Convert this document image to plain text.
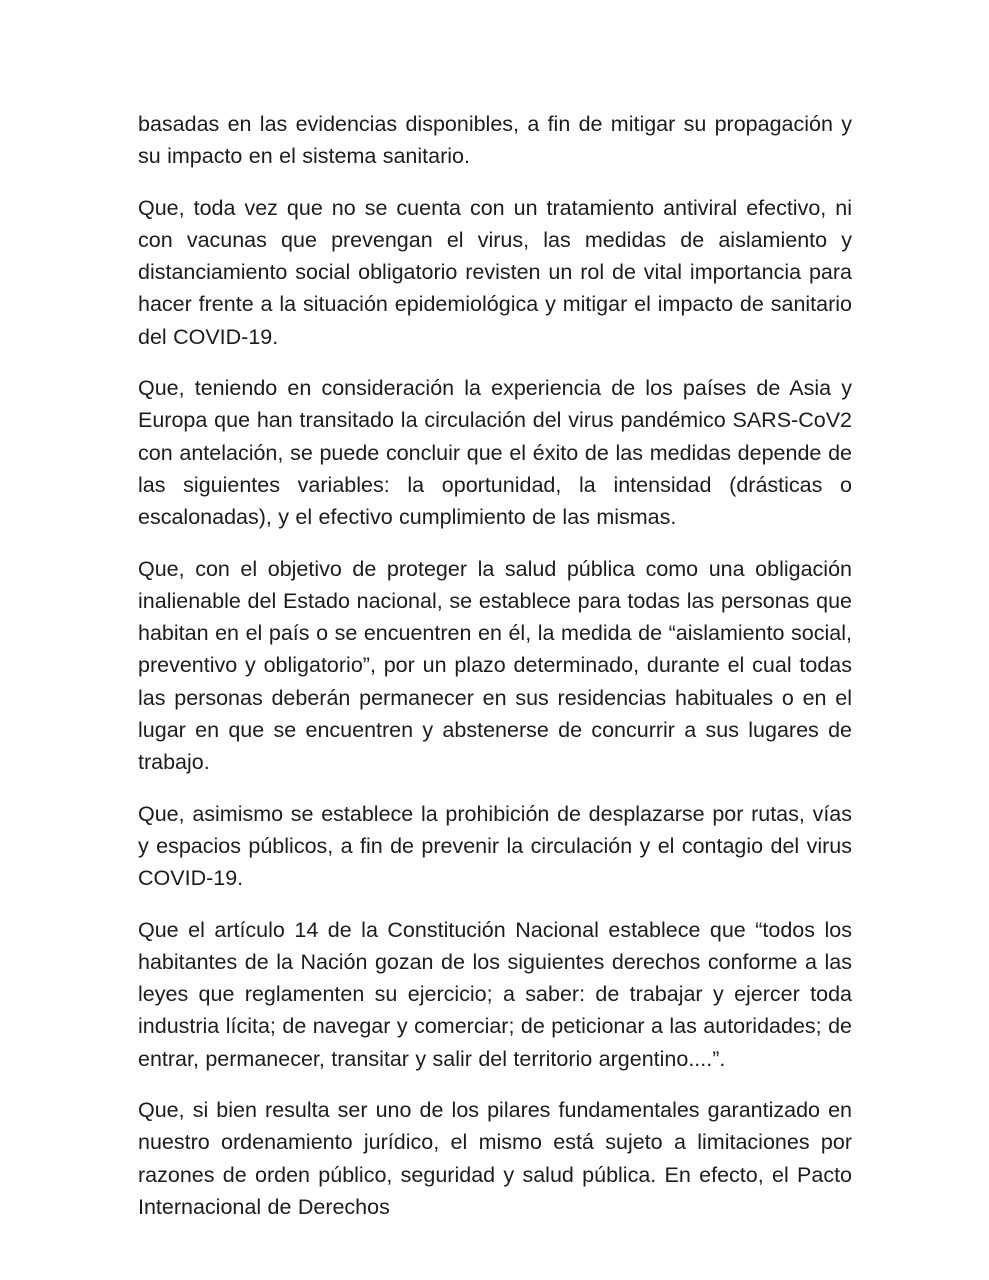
basadas en las evidencias disponibles, a fin de mitigar su propagación y su impacto en el sistema sanitario.

Que, toda vez que no se cuenta con un tratamiento antiviral efectivo, ni con vacunas que prevengan el virus, las medidas de aislamiento y distanciamiento social obligatorio revisten un rol de vital importancia para hacer frente a la situación epidemiológica y mitigar el impacto de sanitario del COVID-19.

Que, teniendo en consideración la experiencia de los países de Asia y Europa que han transitado la circulación del virus pandémico SARS-CoV2 con antelación, se puede concluir que el éxito de las medidas depende de las siguientes variables: la oportunidad, la intensidad (drásticas o escalonadas), y el efectivo cumplimiento de las mismas.

Que, con el objetivo de proteger la salud pública como una obligación inalienable del Estado nacional, se establece para todas las personas que habitan en el país o se encuentren en él, la medida de “aislamiento social, preventivo y obligatorio”, por un plazo determinado, durante el cual todas las personas deberán permanecer en sus residencias habituales o en el lugar en que se encuentren y abstenerse de concurrir a sus lugares de trabajo.

Que, asimismo se establece la prohibición de desplazarse por rutas, vías y espacios públicos, a fin de prevenir la circulación y el contagio del virus COVID-19.

Que el artículo 14 de la Constitución Nacional establece que “todos los habitantes de la Nación gozan de los siguientes derechos conforme a las leyes que reglamenten su ejercicio; a saber: de trabajar y ejercer toda industria lícita; de navegar y comerciar; de peticionar a las autoridades; de entrar, permanecer, transitar y salir del territorio argentino....”.

Que, si bien resulta ser uno de los pilares fundamentales garantizado en nuestro ordenamiento jurídico, el mismo está sujeto a limitaciones por razones de orden público, seguridad y salud pública. En efecto, el Pacto Internacional de Derechos
